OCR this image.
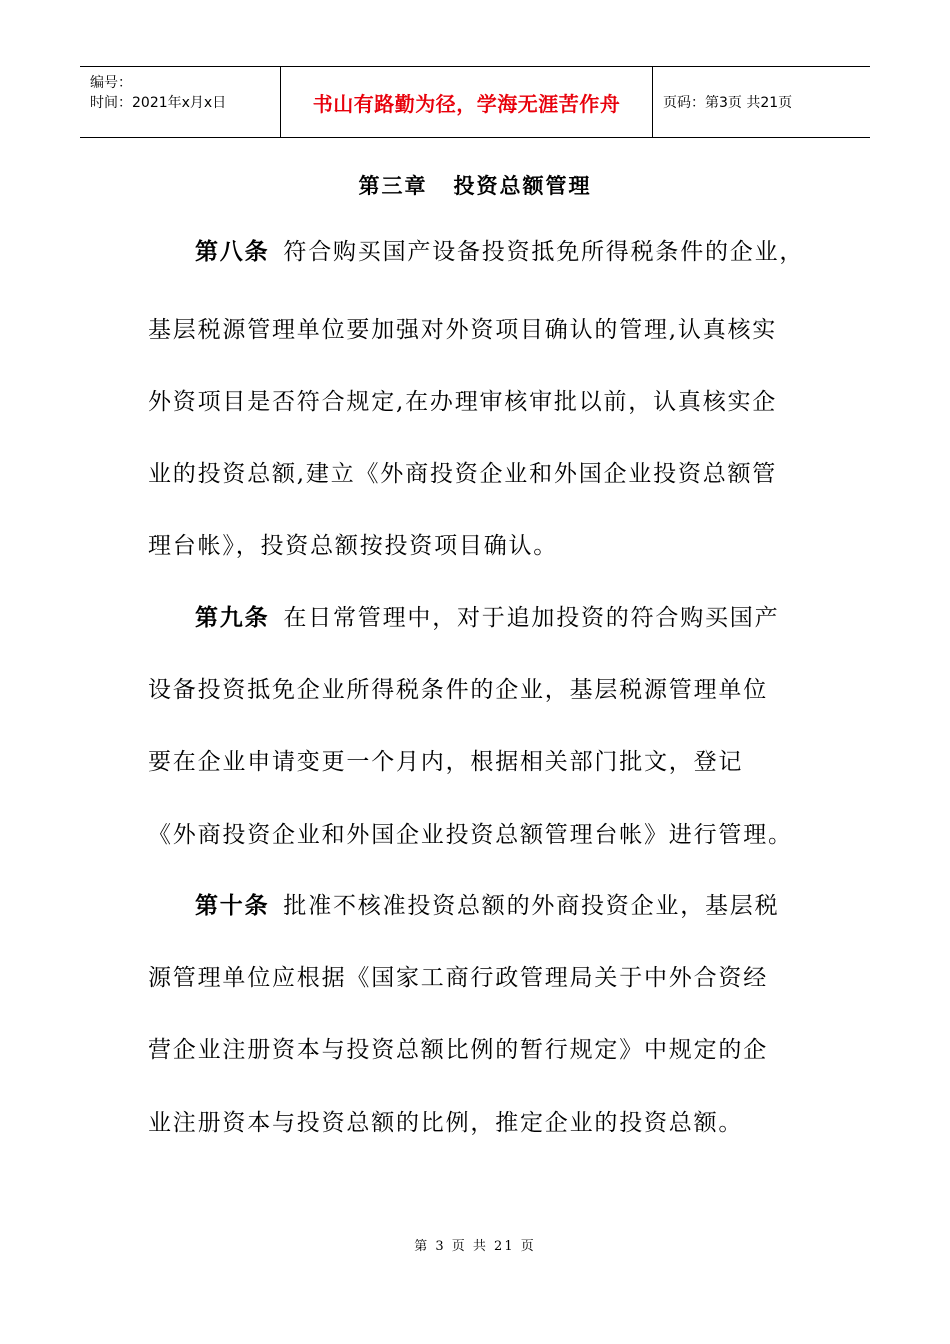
编号：
时间：2021年x月x日	书山有路勤为径，学海无涯苦作舟	页码：第3页 共21页
第三章 投资总额管理
第八条 符合购买国产设备投资抵免所得税条件的企业，
基层税源管理单位要加强对外资项目确认的管理,认真核实
外资项目是否符合规定,在办理审核审批以前，认真核实企
业的投资总额,建立《外商投资企业和外国企业投资总额管
理台帐》，投资总额按投资项目确认。
第九条 在日常管理中，对于追加投资的符合购买国产
设备投资抵免企业所得税条件的企业，基层税源管理单位
要在企业申请变更一个月内，根据相关部门批文，登记
《外商投资企业和外国企业投资总额管理台帐》进行管理。
第十条 批准不核准投资总额的外商投资企业，基层税
源管理单位应根据《国家工商行政管理局关于中外合资经
营企业注册资本与投资总额比例的暂行规定》中规定的企
业注册资本与投资总额的比例，推定企业的投资总额。
第 3 页 共 21 页
